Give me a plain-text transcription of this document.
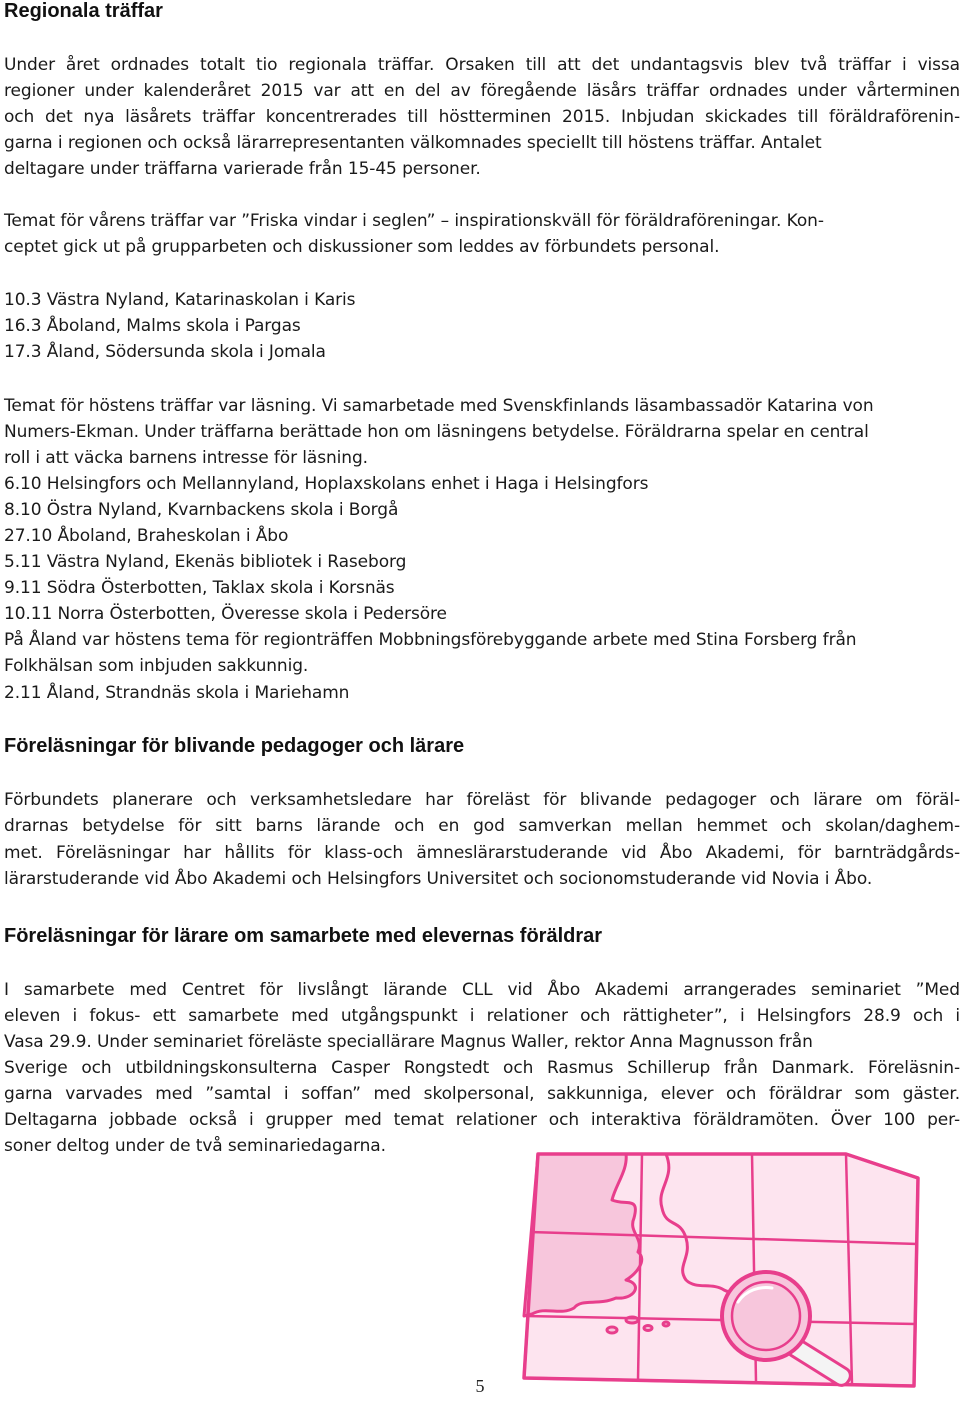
Regionala träffar
Under året ordnades totalt tio regionala träffar. Orsaken till att det undantagsvis blev två träffar i vissa
regioner under kalenderåret 2015 var att en del av föregående läsårs träffar ordnades under vårterminen
och det nya läsårets träffar koncentrerades till höstterminen 2015. Inbjudan skickades till föräldraförenin-
garna i regionen och också lärarrepresentanten välkomnades speciellt till höstens träffar. Antalet
deltagare under träffarna varierade från 15-45 personer.
Temat för vårens träffar var ”Friska vindar i seglen” – inspirationskväll för föräldraföreningar. Kon-
ceptet gick ut på grupparbeten och diskussioner som leddes av förbundets personal.
10.3 Västra Nyland, Katarinaskolan i Karis
16.3 Åboland, Malms skola i Pargas
17.3 Åland, Södersunda skola i Jomala
Temat för höstens träffar var läsning. Vi samarbetade med Svenskfinlands läsambassadör Katarina von
Numers-Ekman. Under träffarna berättade hon om läsningens betydelse. Föräldrarna spelar en central
roll i att väcka barnens intresse för läsning.
6.10 Helsingfors och Mellannyland, Hoplaxskolans enhet i Haga i Helsingfors
8.10 Östra Nyland, Kvarnbackens skola i Borgå
27.10 Åboland, Braheskolan i Åbo
5.11 Västra Nyland, Ekenäs bibliotek i Raseborg
9.11 Södra Österbotten, Taklax skola i Korsnäs
10.11 Norra Österbotten, Överesse skola i Pedersöre
På Åland var höstens tema för regionträffen Mobbningsförebyggande arbete med Stina Forsberg från
Folkhälsan som inbjuden sakkunnig.
2.11 Åland, Strandnäs skola i Mariehamn
Föreläsningar för blivande pedagoger och lärare
Förbundets planerare och verksamhetsledare har föreläst för blivande pedagoger och lärare om föräl-
drarnas betydelse för sitt barns lärande och en god samverkan mellan hemmet och skolan/daghem-
met. Föreläsningar har hållits för klass-och ämneslärarstuderande vid Åbo Akademi, för barnträdgårds-
lärarstuderande vid Åbo Akademi och Helsingfors Universitet och socionomstuderande vid Novia i Åbo.
Föreläsningar för lärare om samarbete med elevernas föräldrar
I samarbete med Centret för livslångt lärande CLL vid Åbo Akademi arrangerades seminariet ”Med
eleven i fokus- ett samarbete med utgångspunkt i relationer och rättigheter”, i Helsingfors 28.9 och i
Vasa 29.9. Under seminariet föreläste speciallärare Magnus Waller, rektor Anna Magnusson från
Sverige och utbildningskonsulterna Casper Rongstedt och Rasmus Schillerup från Danmark. Föreläsnin-
garna varvades med ”samtal i soffan” med skolpersonal, sakkunniga, elever och föräldrar som gäster.
Deltagarna jobbade också i grupper med temat relationer och interaktiva föräldramöten. Över 100 per-
soner deltog under de två seminariedagarna.
5
